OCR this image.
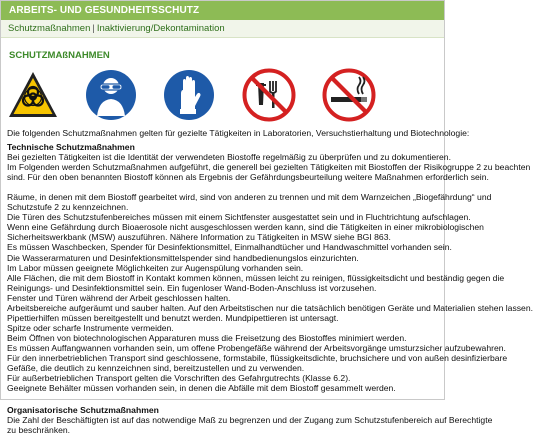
ARBEITS- UND GESUNDHEITSSCHUTZ
Schutzmaßnahmen | Inaktivierung/Dekontamination
SCHUTZMAßNAHMEN

Die folgenden Schutzmaßnahmen gelten für gezielte Tätigkeiten in Laboratorien, Versuchstierhaltung und Biotechnologie:

Technische Schutzmaßnahmen

Bei gezielten Tätigkeiten ist die Identität der verwendeten Biostoffe regelmäßig zu überprüfen und zu dokumentieren.

Im Folgenden werden Schutzmaßnahmen aufgeführt, die generell bei gezielten Tätigkeiten mit Biostoffen der Risikogruppe 2 zu beachten

sind. Für den oben benannten Biostoff können als Ergebnis der Gefährdungsbeurteilung weitere Maßnahmen erforderlich sein.

Räume, in denen mit dem Biostoff gearbeitet wird, sind von anderen zu trennen und mit dem Warnzeichen „Biogefährdung“ und

Schutzstufe 2 zu kennzeichnen.

Die Türen des Schutzstufenbereiches müssen mit einem Sichtfenster ausgestattet sein und in Fluchtrichtung aufschlagen.

Wenn eine Gefährdung durch Bioaerosole nicht ausgeschlossen werden kann, sind die Tätigkeiten in einer mikrobiologischen

Sicherheitswerkbank (MSW) auszuführen. Nähere Information zu Tätigkeiten in MSW siehe BGI 863.

Es müssen Waschbecken, Spender für Desinfektionsmittel, Einmalhandtücher und Handwaschmittel vorhanden sein.

Die Wasserarmaturen und Desinfektionsmittelspender sind handbedienungslos einzurichten.

Im Labor müssen geeignete Möglichkeiten zur Augenspülung vorhanden sein.

Alle Flächen, die mit dem Biostoff in Kontakt kommen können, müssen leicht zu reinigen, flüssigkeitsdicht und beständig gegen die

Reinigungs- und Desinfektionsmittel sein. Ein fugenloser Wand-Boden-Anschluss ist vorzusehen.

Fenster und Türen während der Arbeit geschlossen halten.

Arbeitsbereiche aufgeräumt und sauber halten. Auf den Arbeitstischen nur die tatsächlich benötigen Geräte und Materialien stehen lassen.

Pipettierhilfen müssen bereitgestellt und benutzt werden. Mundpipettieren ist untersagt.

Spitze oder scharfe Instrumente vermeiden.

Beim Öffnen von biotechnologischen Apparaturen muss die Freisetzung des Biostoffes minimiert werden.

Es müssen Auffangwannen vorhanden sein, um offene Probengefäße während der Arbeitsvorgänge umsturzsicher aufzubewahren.

Für den innerbetrieblichen Transport sind geschlossene, formstabile, flüssigkeitsdichte, bruchsichere und von außen desinfizierbare

Gefäße, die deutlich zu kennzeichnen sind, bereitzustellen und zu verwenden.

Für außerbetrieblichen Transport gelten die Vorschriften des Gefahrgutrechts (Klasse 6.2).

Geeignete Behälter müssen vorhanden sein, in denen die Abfälle mit dem Biostoff gesammelt werden.

Organisatorische Schutzmaßnahmen

Die Zahl der Beschäftigten ist auf das notwendige Maß zu begrenzen und der Zugang zum Schutzstufenbereich auf Berechtigte

zu beschränken.
